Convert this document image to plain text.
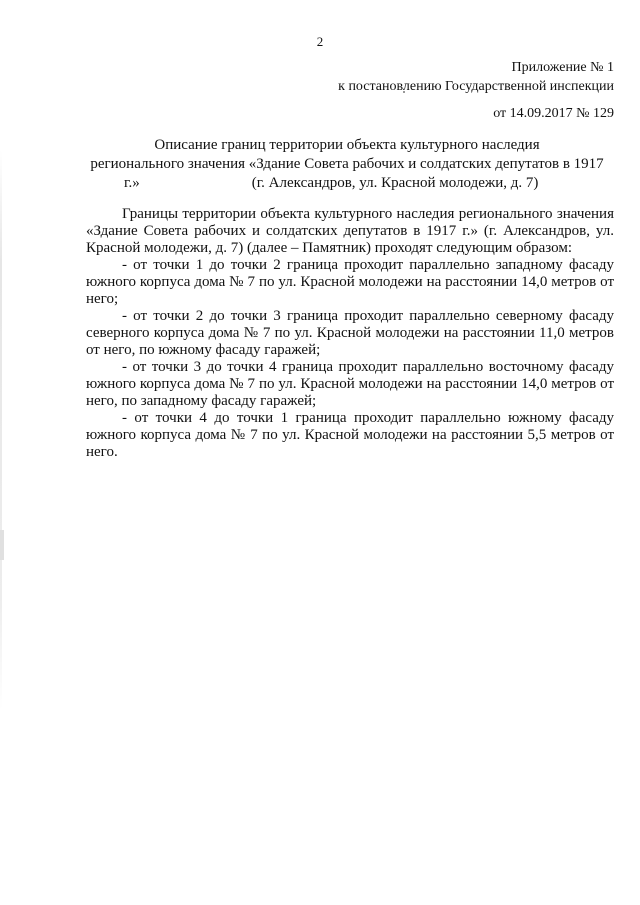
2
Приложение № 1
к постановлению Государственной инспекции
от 14.09.2017 № 129
Описание границ территории объекта культурного наследия
регионального значения «Здание Совета рабочих и солдатских депутатов в 1917
г.»	(г. Александров, ул. Красной молодежи, д. 7)

Границы территории объекта культурного наследия регионального значения «Здание Совета рабочих и солдатских депутатов в 1917 г.» (г. Александров, ул. Красной молодежи, д. 7) (далее – Памятник) проходят следующим образом:

- от точки 1 до точки 2 граница проходит параллельно западному фасаду южного корпуса дома № 7 по ул. Красной молодежи на расстоянии 14,0 метров от него;

- от точки 2 до точки 3 граница проходит параллельно северному фасаду северного корпуса дома № 7 по ул. Красной молодежи на расстоянии 11,0 метров от него, по южному фасаду гаражей;

- от точки 3 до точки 4 граница проходит параллельно восточному фасаду южного корпуса дома № 7 по ул. Красной молодежи на расстоянии 14,0 метров от него, по западному фасаду гаражей;

- от точки 4 до точки 1 граница проходит параллельно южному фасаду южного корпуса дома № 7 по ул. Красной молодежи на расстоянии 5,5 метров от него.
